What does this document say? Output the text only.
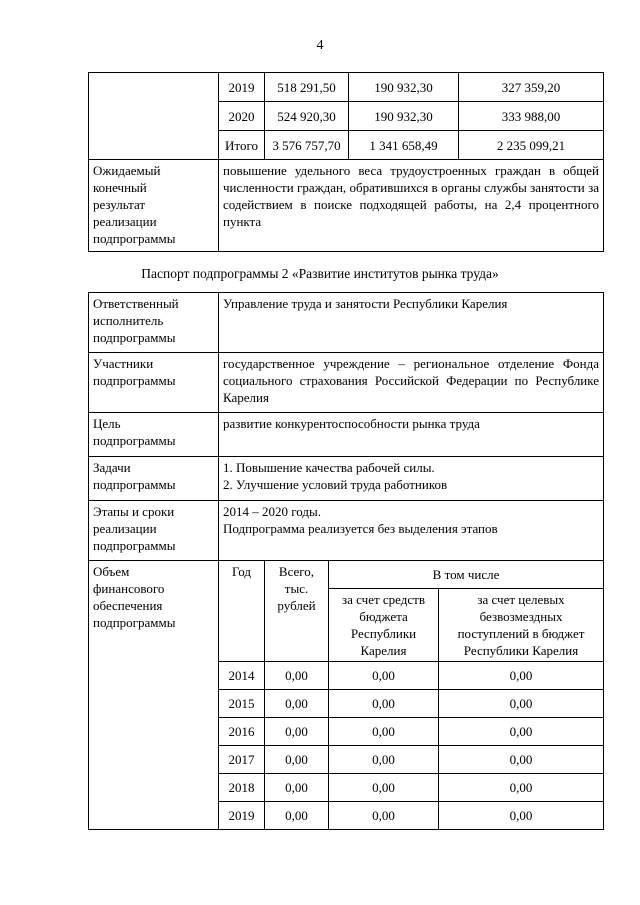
4
	2019	518 291,50	190 932,30	327 359,20
	2020	524 920,30	190 932,30	333 988,00
	Итого	3 576 757,70	1 341 658,49	2 235 099,21

Ожидаемый
конечный
результат
реализации
подпрограммы	повышение удельного веса трудоустроенных граждан в общей численности граждан, обратившихся в органы службы занятости за содействием в поиске подходящей работы, на 2,4 процентного пункта			
Паспорт подпрограммы 2 «Развитие институтов рынка труда»
Ответственный
исполнитель
подпрограммы	Управление труда и занятости Республики Карелия			

Участники
подпрограммы	государственное учреждение – региональное отделение Фонда социального страхования Российской Федерации по Республике Карелия			

Цель
подпрограммы	развитие конкурентоспособности рынка труда			

Задачи
подпрограммы	1. Повышение качества рабочей силы.
2. Улучшение условий труда работников			

Этапы и сроки
реализации
подпрограммы	2014 – 2020 годы.
Подпрограмма реализуется без выделения этапов			

Объем
финансового
обеспечения
подпрограммы	Год	Всего, тыс. рублей	В том числе	
			за счет средств бюджета Республики Карелия	за счет целевых безвозмездных поступлений в бюджет Республики Карелия
	2014	0,00	0,00	0,00
	2015	0,00	0,00	0,00
	2016	0,00	0,00	0,00
	2017	0,00	0,00	0,00
	2018	0,00	0,00	0,00
	2019	0,00	0,00	0,00
